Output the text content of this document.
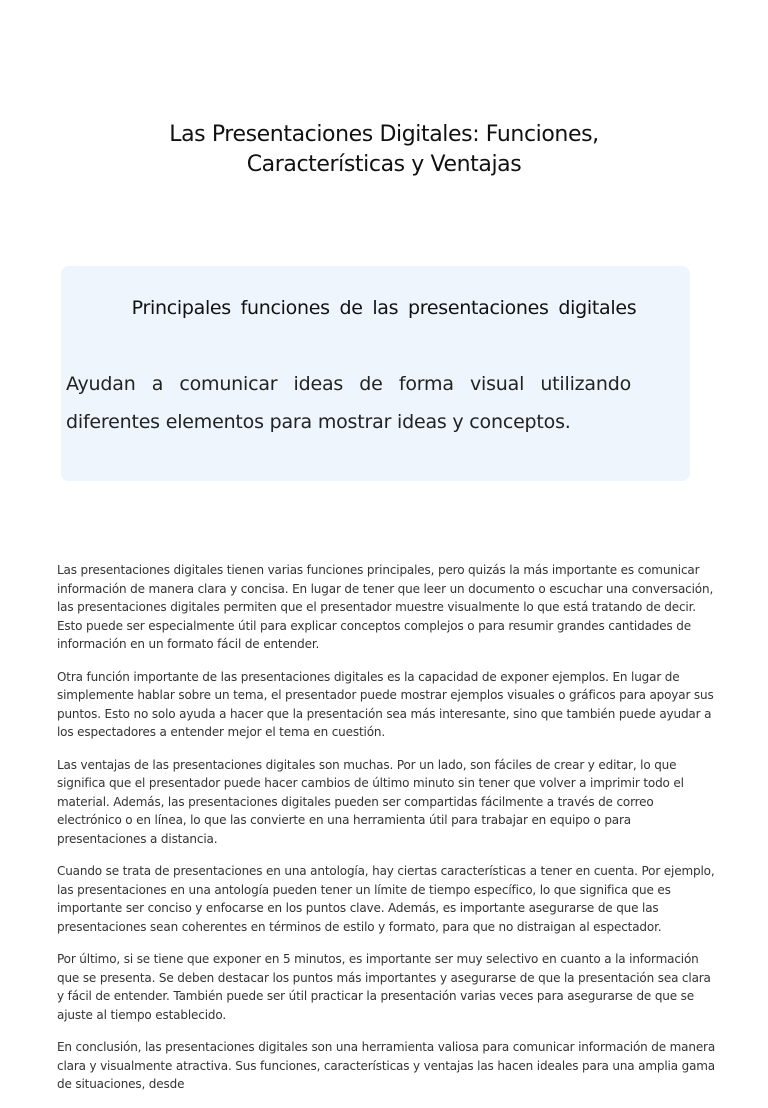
Las Presentaciones Digitales: Funciones,
Características y Ventajas
Principales funciones de las presentaciones digitales

Ayudan a comunicar ideas de forma visual utilizando diferentes elementos para mostrar ideas y conceptos.

Las presentaciones digitales tienen varias funciones principales, pero quizás la más importante es comunicar información de manera clara y concisa. En lugar de tener que leer un documento o escuchar una conversación, las presentaciones digitales permiten que el presentador muestre visualmente lo que está tratando de decir. Esto puede ser especialmente útil para explicar conceptos complejos o para resumir grandes cantidades de información en un formato fácil de entender.

Otra función importante de las presentaciones digitales es la capacidad de exponer ejemplos. En lugar de simplemente hablar sobre un tema, el presentador puede mostrar ejemplos visuales o gráficos para apoyar sus puntos. Esto no solo ayuda a hacer que la presentación sea más interesante, sino que también puede ayudar a los espectadores a entender mejor el tema en cuestión.

Las ventajas de las presentaciones digitales son muchas. Por un lado, son fáciles de crear y editar, lo que significa que el presentador puede hacer cambios de último minuto sin tener que volver a imprimir todo el material. Además, las presentaciones digitales pueden ser compartidas fácilmente a través de correo electrónico o en línea, lo que las convierte en una herramienta útil para trabajar en equipo o para presentaciones a distancia.

Cuando se trata de presentaciones en una antología, hay ciertas características a tener en cuenta. Por ejemplo, las presentaciones en una antología pueden tener un límite de tiempo específico, lo que significa que es importante ser conciso y enfocarse en los puntos clave. Además, es importante asegurarse de que las presentaciones sean coherentes en términos de estilo y formato, para que no distraigan al espectador.

Por último, si se tiene que exponer en 5 minutos, es importante ser muy selectivo en cuanto a la información que se presenta. Se deben destacar los puntos más importantes y asegurarse de que la presentación sea clara y fácil de entender. También puede ser útil practicar la presentación varias veces para asegurarse de que se ajuste al tiempo establecido.

En conclusión, las presentaciones digitales son una herramienta valiosa para comunicar información de manera clara y visualmente atractiva. Sus funciones, características y ventajas las hacen ideales para una amplia gama de situaciones, desde
